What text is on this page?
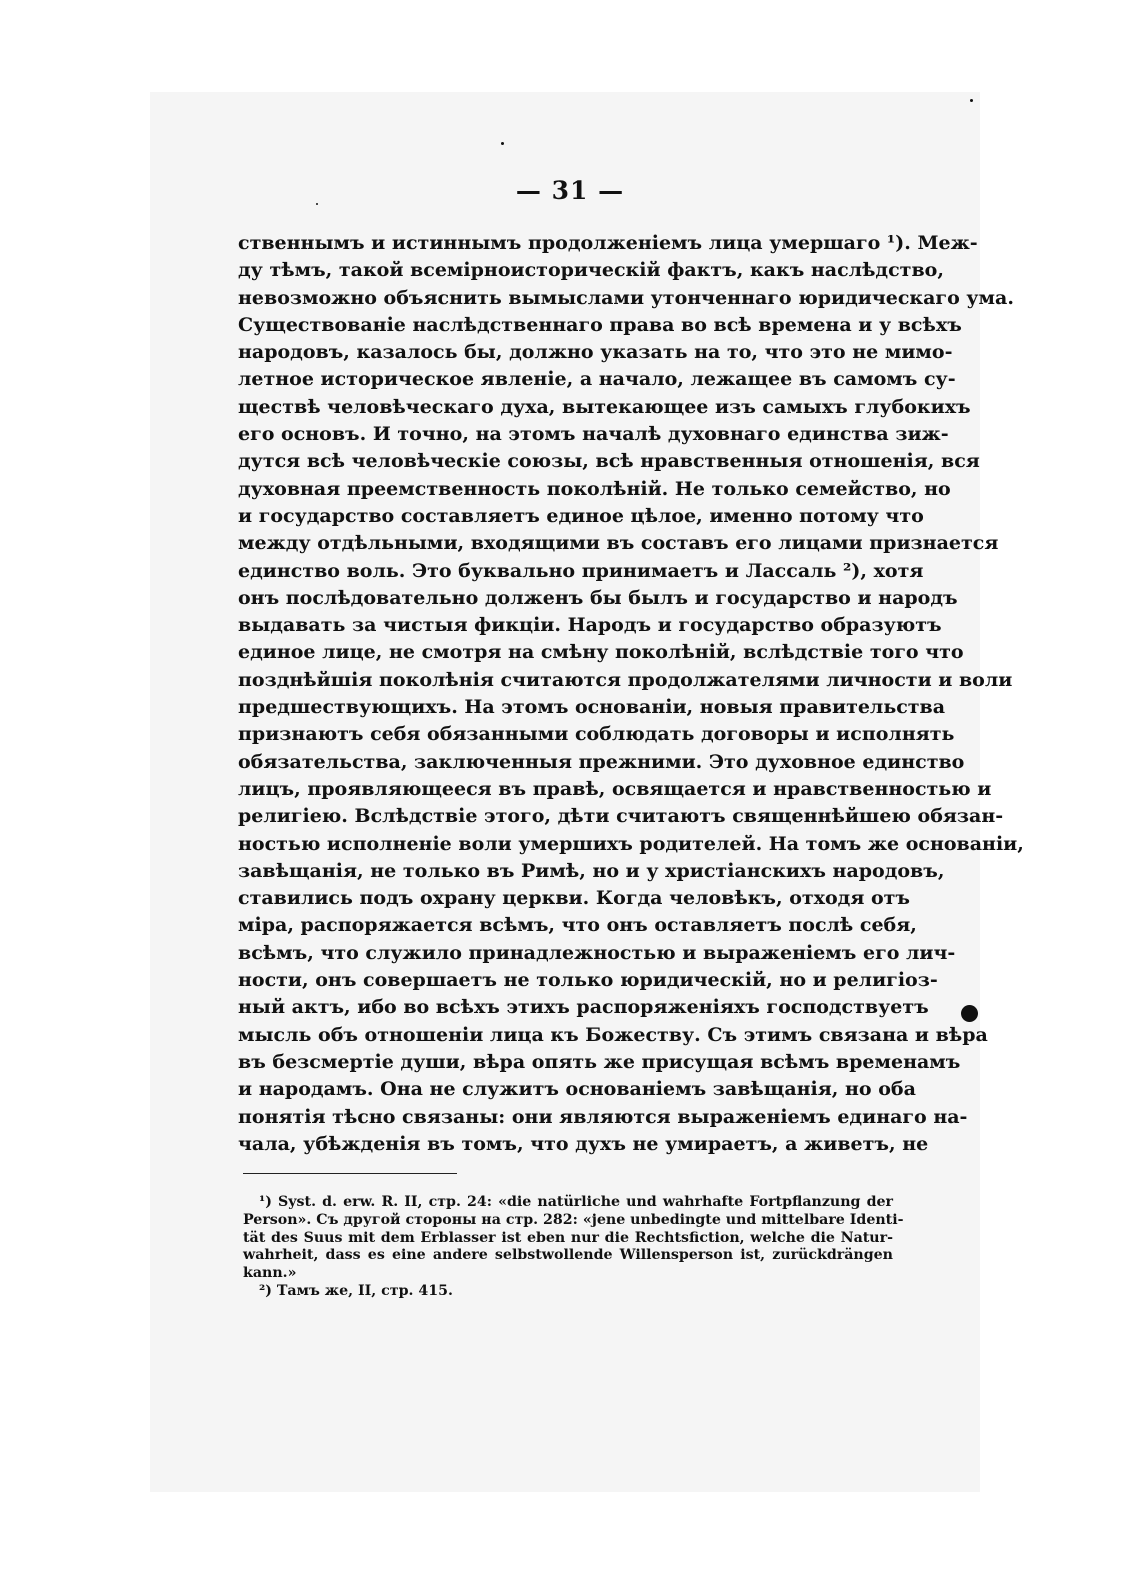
— 31 —
ственнымъ и истиннымъ продолженіемъ лица умершаго ¹). Меж-
ду тѣмъ, такой всемірноисторическій фактъ, какъ наслѣдство,
невозможно объяснить вымыслами утонченнаго юридическаго ума.
Существованіе наслѣдственнаго права во всѣ времена и у всѣхъ
народовъ, казалось бы, должно указать на то, что это не мимо-
летное историческое явленіе, а начало, лежащее въ самомъ су-
ществѣ человѣческаго духа, вытекающее изъ самыхъ глубокихъ
его основъ. И точно, на этомъ началѣ духовнаго единства зиж-
дутся всѣ человѣческіе союзы, всѣ нравственныя отношенія, вся
духовная преемственность поколѣній. Не только семейство, но
и государство составляетъ единое цѣлое, именно потому что
между отдѣльными, входящими въ составъ его лицами признается
единство воль. Это буквально принимаетъ и Лассаль ²), хотя
онъ послѣдовательно долженъ бы былъ и государство и народъ
выдавать за чистыя фикціи. Народъ и государство образуютъ
единое лице, не смотря на смѣну поколѣній, вслѣдствіе того что
позднѣйшія поколѣнія считаются продолжателями личности и воли
предшествующихъ. На этомъ основаніи, новыя правительства
признаютъ себя обязанными соблюдать договоры и исполнять
обязательства, заключенныя прежними. Это духовное единство
лицъ, проявляющееся въ правѣ, освящается и нравственностью и
религіею. Вслѣдствіе этого, дѣти считаютъ священнѣйшею обязан-
ностью исполненіе воли умершихъ родителей. На томъ же основаніи,
завѣщанія, не только въ Римѣ, но и у христіанскихъ народовъ,
ставились подъ охрану церкви. Когда человѣкъ, отходя отъ
міра, распоряжается всѣмъ, что онъ оставляетъ послѣ себя,
всѣмъ, что служило принадлежностью и выраженіемъ его лич-
ности, онъ совершаетъ не только юридическій, но и религіоз-
ный актъ, ибо во всѣхъ этихъ распоряженіяхъ господствуетъ
мысль объ отношеніи лица къ Божеству. Съ этимъ связана и вѣра
въ безсмертіе души, вѣра опять же присущая всѣмъ временамъ
и народамъ. Она не служитъ основаніемъ завѣщанія, но оба
понятія тѣсно связаны: они являются выраженіемъ единаго на-
чала, убѣжденія въ томъ, что духъ не умираетъ, а живетъ, не
¹) Syst. d. erw. R. II, стр. 24: «die natürliche und wahrhafte Fortpflanzung der
Person». Съ другой стороны на стр. 282: «jene unbedingte und mittelbare Identi-
tät des Suus mit dem Erblasser ist eben nur die Rechtsfiction, welche die Natur-
wahrheit, dass es eine andere selbstwollende Willensperson ist, zurückdrängen
kann.»
²) Тамъ же, II, стр. 415.
